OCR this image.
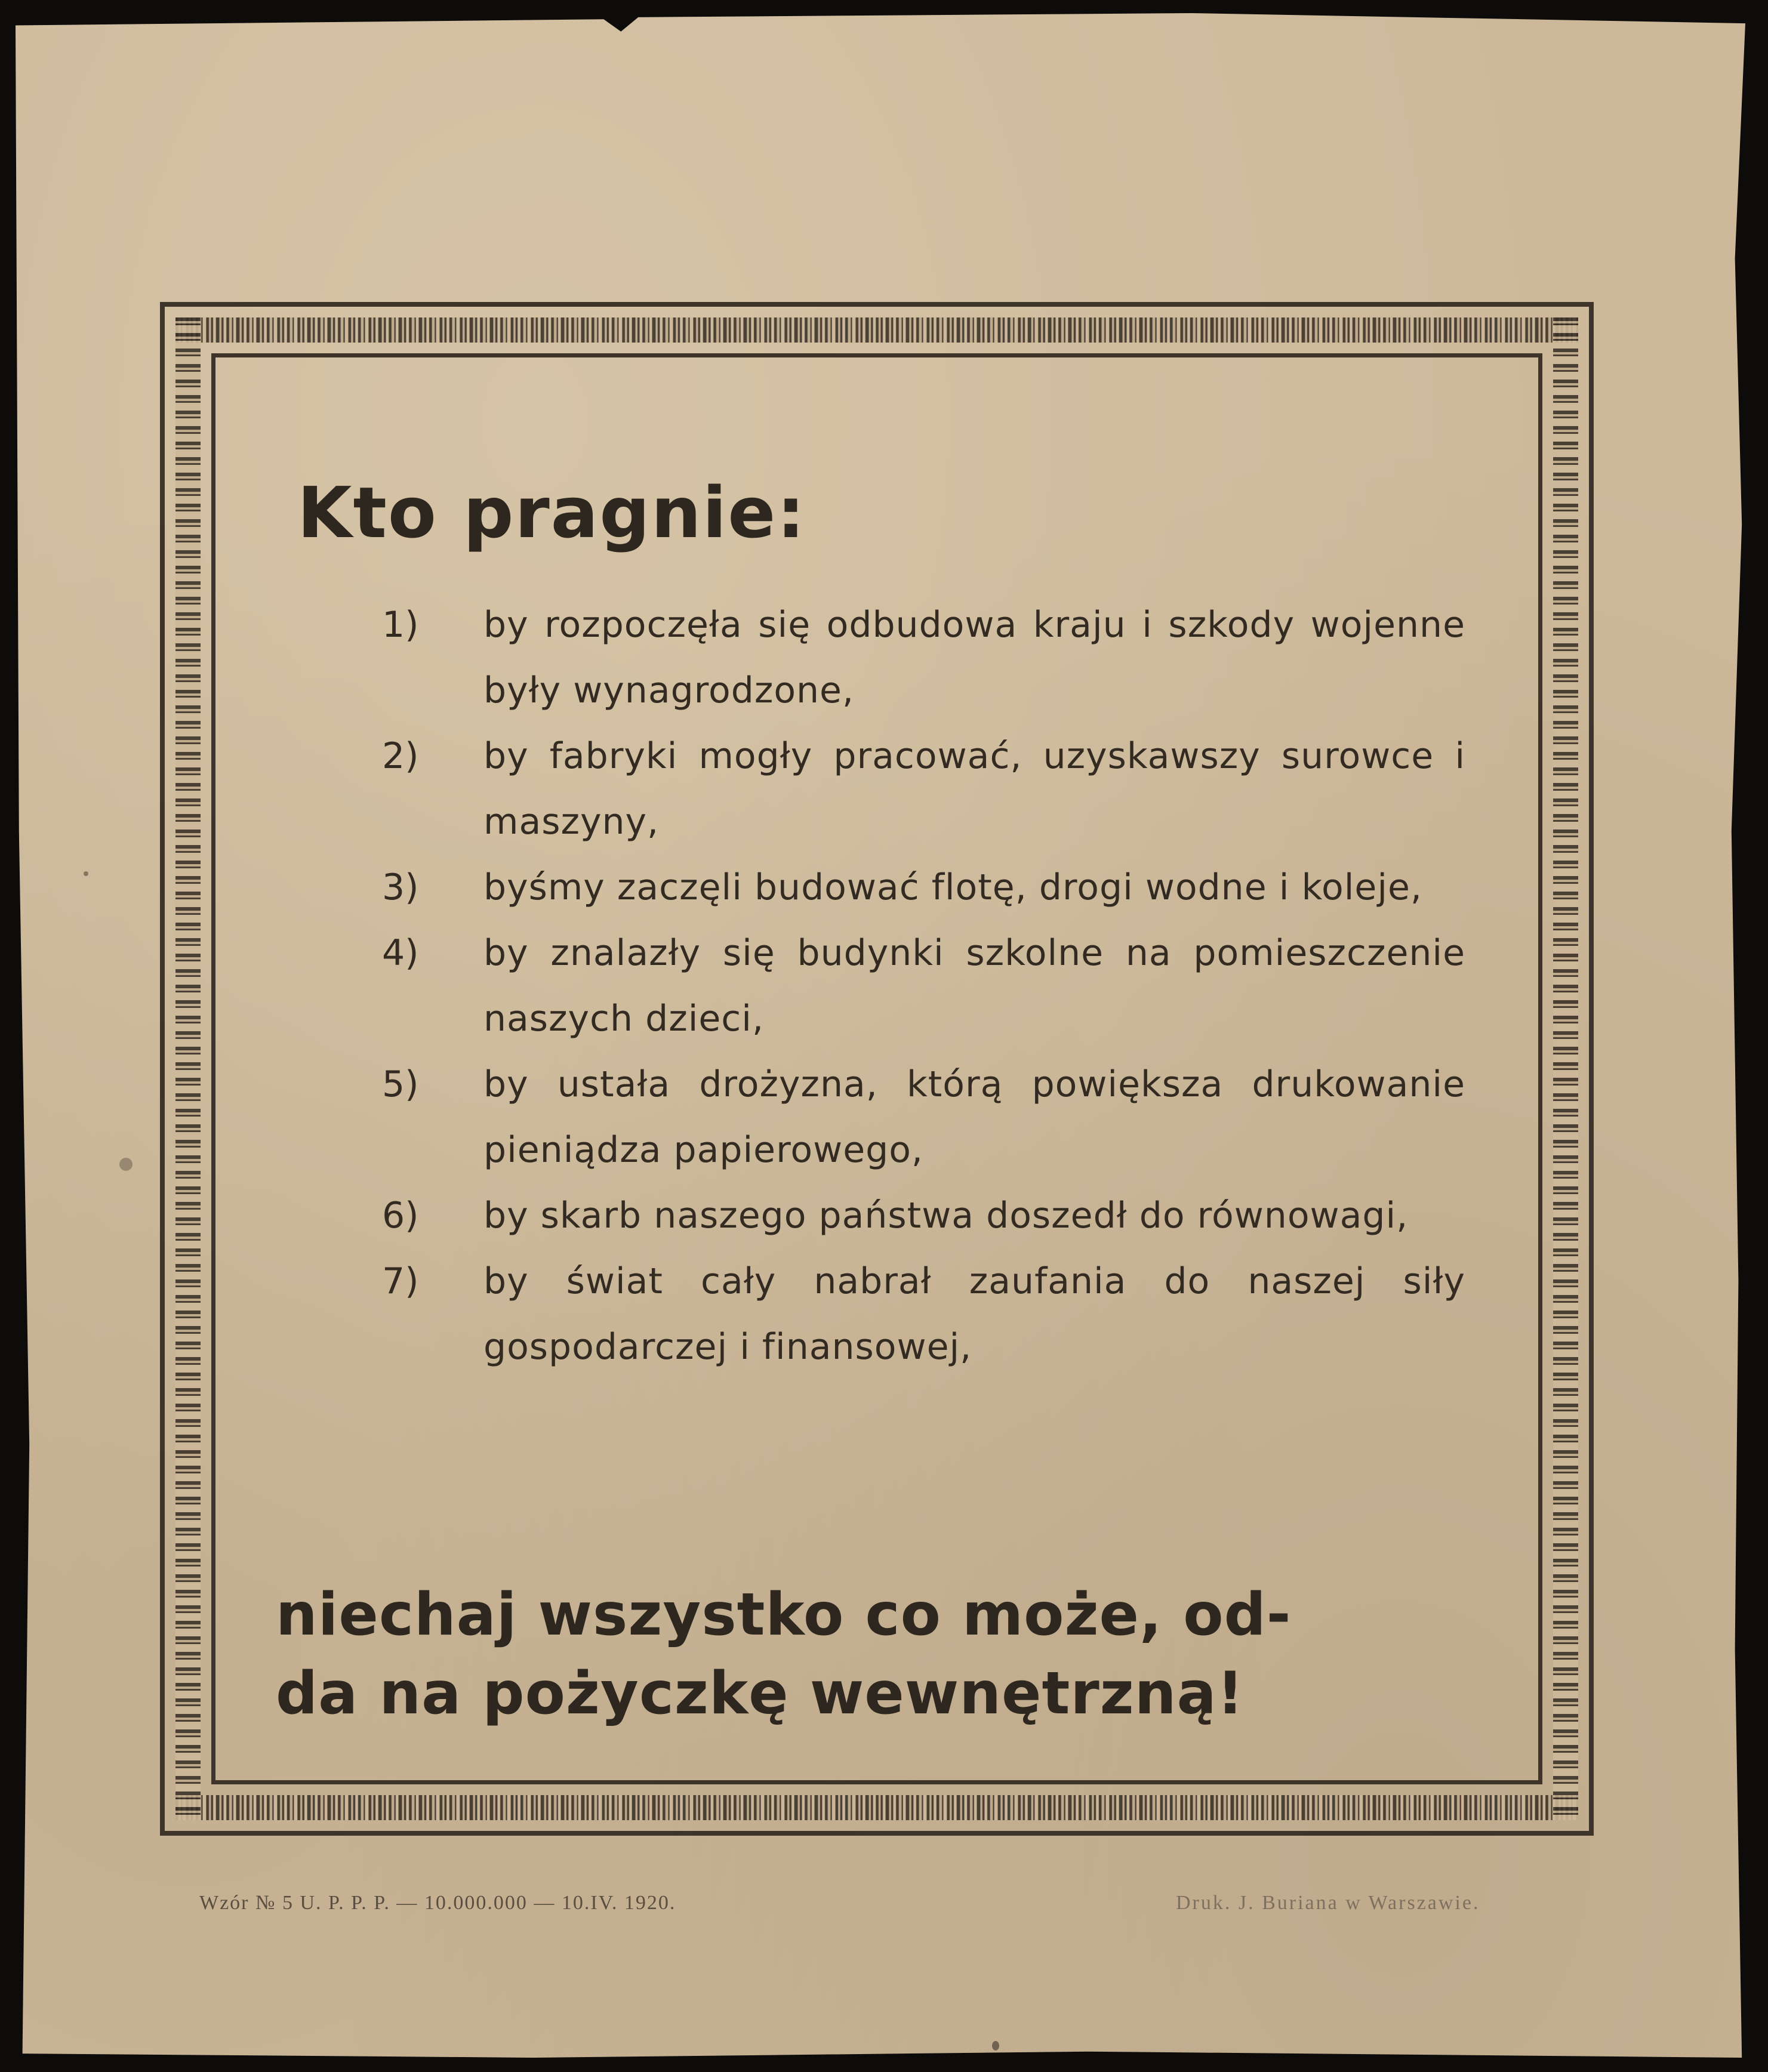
Kto pragnie:
1)	by rozpoczęła się odbudowa kraju i szkody wojenne były wynagrodzone,
2)	by fabryki mogły pracować, uzyskawszy surowce i maszyny,
3)	byśmy zaczęli budować flotę, drogi wodne i koleje,
4)	by znalazły się budynki szkolne na pomieszczenie naszych dzieci,
5)	by ustała drożyzna, którą powiększa drukowanie pieniądza papierowego,
6)	by skarb naszego państwa doszedł do równowagi,
7)	by świat cały nabrał zaufania do naszej siły gospodarczej i finansowej,

niechaj wszystko co może, od-
da na pożyczkę wewnętrzną!

Wzór № 5 U. P. P. P. — 10.000.000 — 10.IV. 1920.	Druk. J. Buriana w Warszawie.
